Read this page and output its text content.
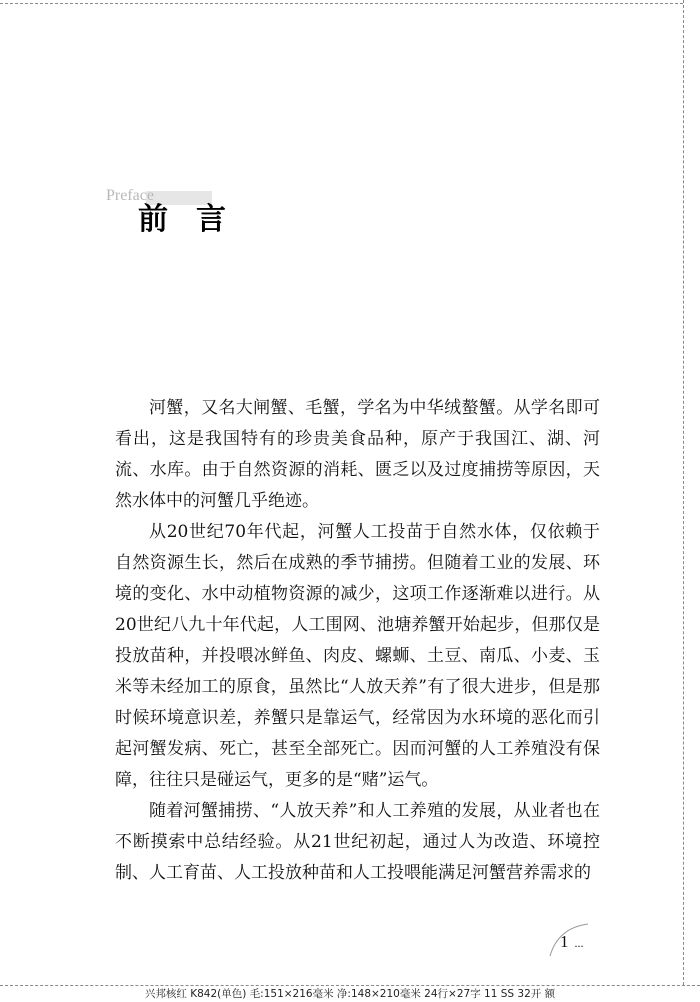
Preface
前言

河蟹，又名大闸蟹、毛蟹，学名为中华绒螯蟹。从学名即可看出，这是我国特有的珍贵美食品种，原产于我国江、湖、河流、水库。由于自然资源的消耗、匮乏以及过度捕捞等原因，天然水体中的河蟹几乎绝迹。

从20世纪70年代起，河蟹人工投苗于自然水体，仅依赖于自然资源生长，然后在成熟的季节捕捞。但随着工业的发展、环境的变化、水中动植物资源的减少，这项工作逐渐难以进行。从20世纪八九十年代起，人工围网、池塘养蟹开始起步，但那仅是投放苗种，并投喂冰鲜鱼、肉皮、螺蛳、土豆、南瓜、小麦、玉米等未经加工的原食，虽然比“人放天养”有了很大进步，但是那时候环境意识差，养蟹只是靠运气，经常因为水环境的恶化而引起河蟹发病、死亡，甚至全部死亡。因而河蟹的人工养殖没有保障，往往只是碰运气，更多的是“赌”运气。

随着河蟹捕捞、“人放天养”和人工养殖的发展，从业者也在不断摸索中总结经验。从21世纪初起，通过人为改造、环境控制、人工育苗、人工投放种苗和人工投喂能满足河蟹营养需求的

1 ...
兴邦核红 K842(单色) 毛:151×216毫米 净:148×210毫米 24行×27字 11 SS 32开 额
